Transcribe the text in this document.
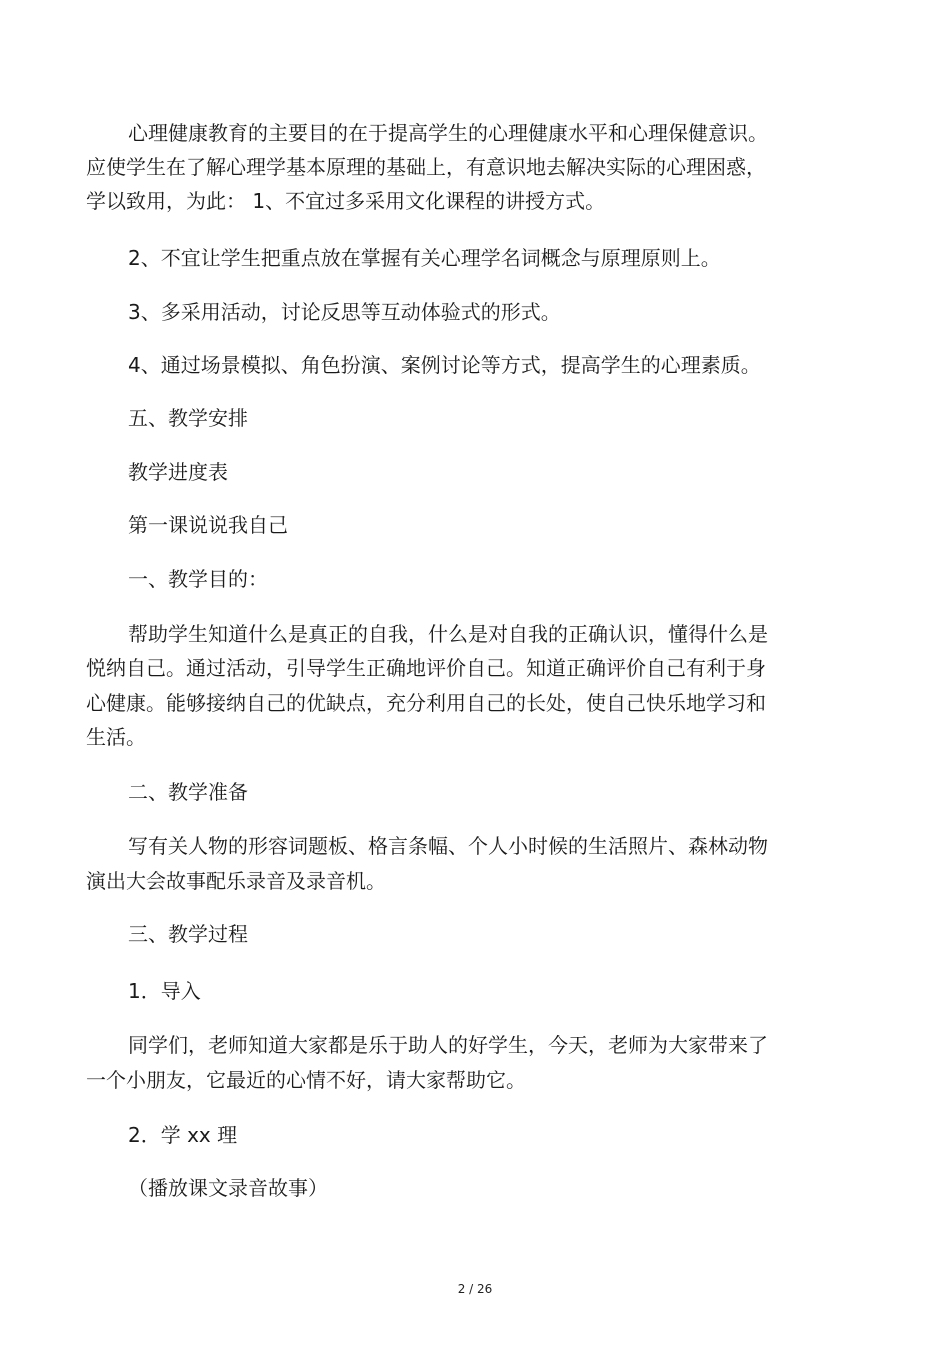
心理健康教育的主要目的在于提高学生的心理健康水平和心理保健意识。
应使学生在了解心理学基本原理的基础上，有意识地去解决实际的心理困惑，
学以致用，为此： 1、不宜过多采用文化课程的讲授方式。
2、不宜让学生把重点放在掌握有关心理学名词概念与原理原则上。
3、多采用活动，讨论反思等互动体验式的形式。
4、通过场景模拟、角色扮演、案例讨论等方式，提高学生的心理素质。
五、教学安排
教学进度表
第一课说说我自己
一、教学目的：
帮助学生知道什么是真正的自我，什么是对自我的正确认识，懂得什么是
悦纳自己。通过活动，引导学生正确地评价自己。知道正确评价自己有利于身
心健康。能够接纳自己的优缺点，充分利用自己的长处，使自己快乐地学习和
生活。
二、教学准备
写有关人物的形容词题板、格言条幅、个人小时候的生活照片、森林动物
演出大会故事配乐录音及录音机。
三、教学过程
1．导入
同学们，老师知道大家都是乐于助人的好学生，今天，老师为大家带来了
一个小朋友，它最近的心情不好，请大家帮助它。
2．学 xx 理
（播放课文录音故事）
2 / 26
